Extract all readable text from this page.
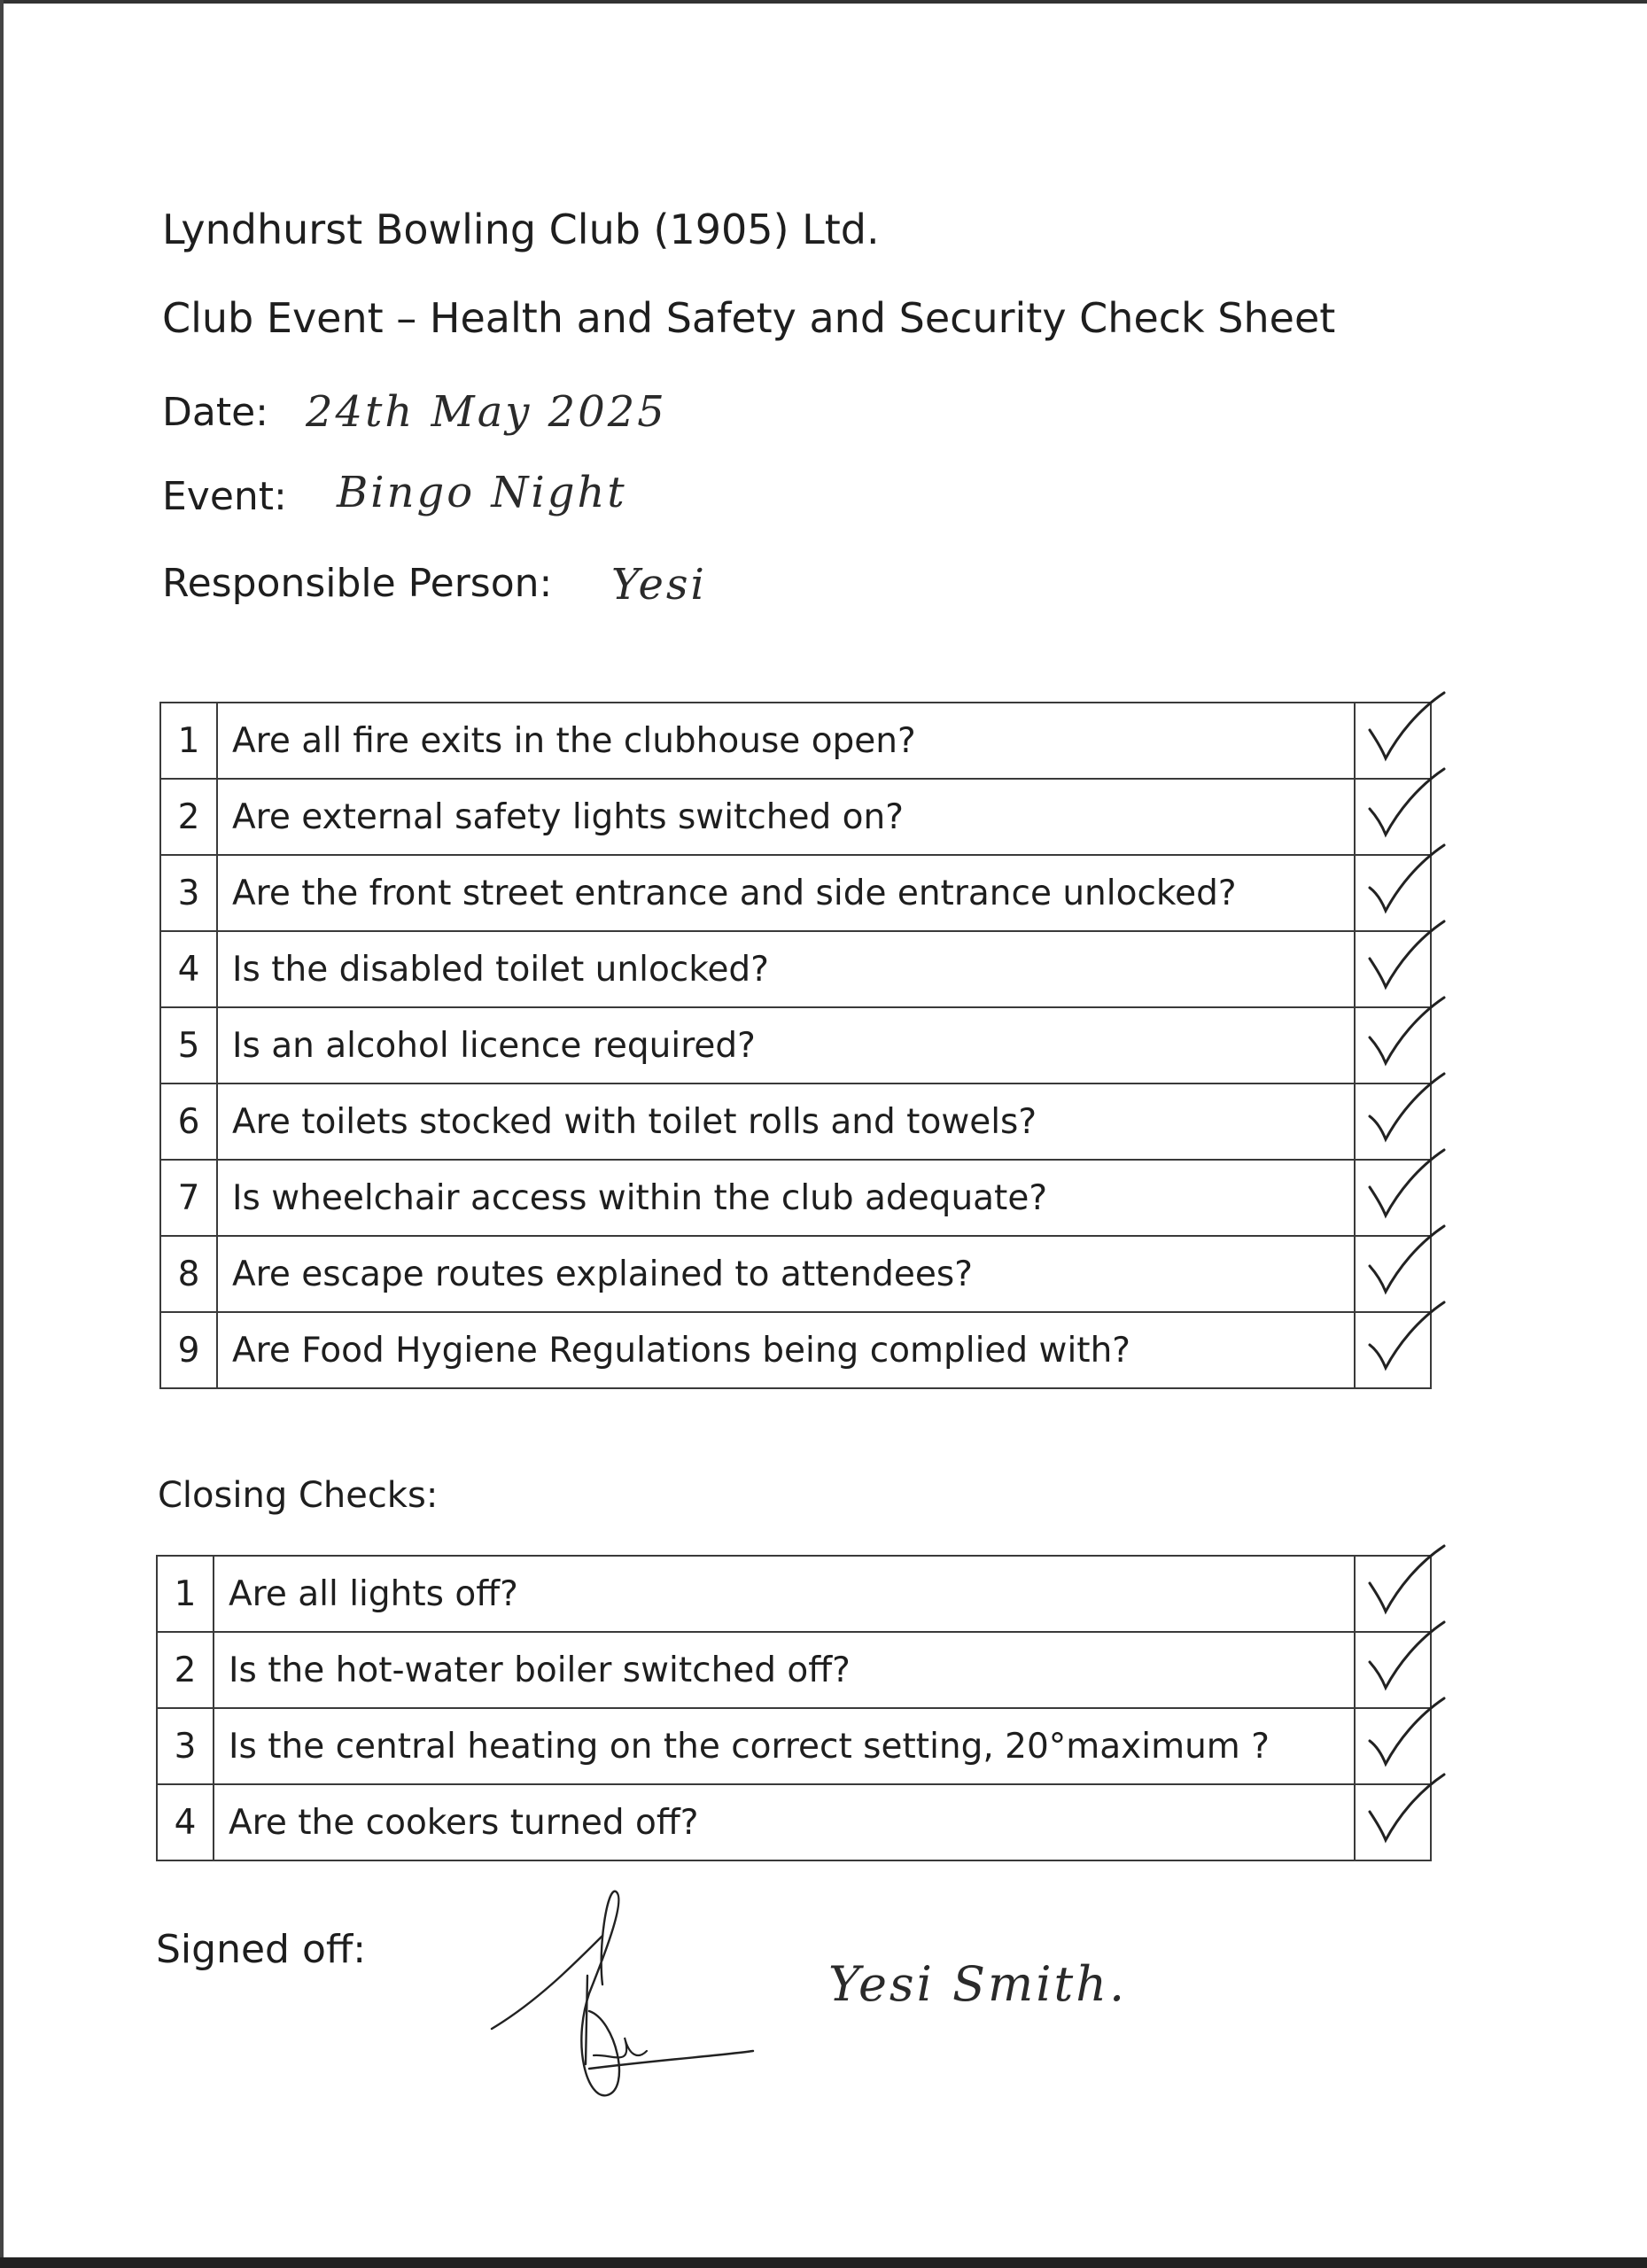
Lyndhurst Bowling Club (1905) Ltd.
Club Event – Health and Safety and Security Check Sheet
Date: 24th May 2025
Event: Bingo Night
Responsible Person: Yesi
1	Are all fire exits in the clubhouse open?	

2	Are external safety lights switched on?	

3	Are the front street entrance and side entrance unlocked?	

4	Is the disabled toilet unlocked?	

5	Is an alcohol licence required?	

6	Are toilets stocked with toilet rolls and towels?	

7	Is wheelchair access within the club adequate?	

8	Are escape routes explained to attendees?	

9	Are Food Hygiene Regulations being complied with?	
Closing Checks:
1	Are all lights off?	

2	Is the hot-water boiler switched off?	

3	Is the central heating on the correct setting, 20°maximum ?	

4	Are the cookers turned off?	
Signed off:
Yesi Smith.
